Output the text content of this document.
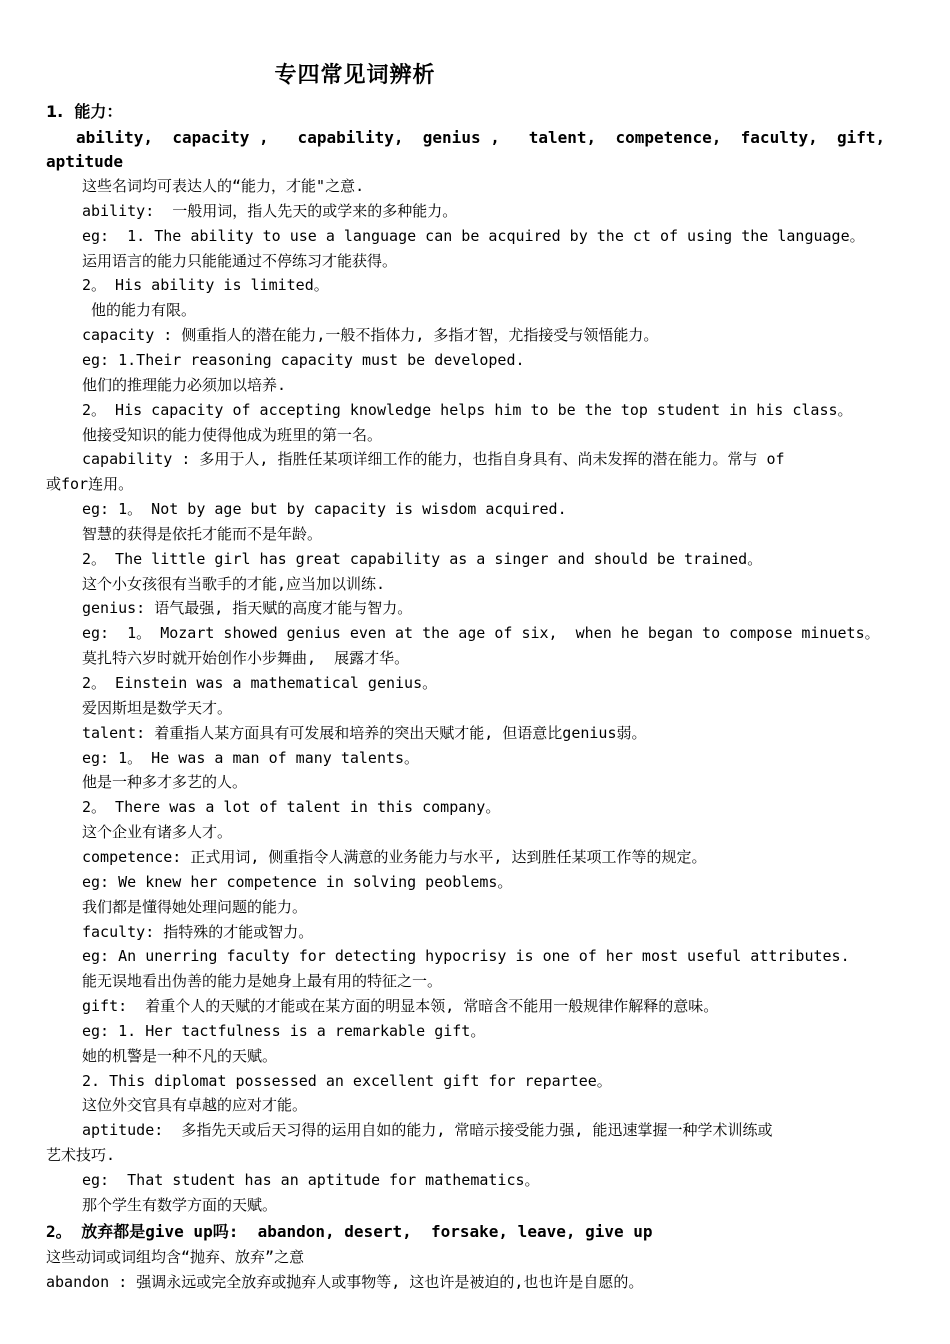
专四常见词辨析
1.  能力：
ability,  capacity ,   capability,  genius ,   talent,  competence,  faculty,  gift,
aptitude
这些名词均可表达人的“能力，才能"之意.
ability:  一般用词，指人先天的或学来的多种能力。
eg:  1. The ability to use a language can be acquired by the ct of using the language。
运用语言的能力只能能通过不停练习才能获得。
2。 His ability is limited。
他的能力有限。
capacity : 侧重指人的潜在能力,一般不指体力, 多指才智，尤指接受与领悟能力。
eg: 1.Their reasoning capacity must be developed.
他们的推理能力必须加以培养.
2。 His capacity of accepting knowledge helps him to be the top student in his class。
他接受知识的能力使得他成为班里的第一名。
capability : 多用于人, 指胜任某项详细工作的能力，也指自身具有、尚未发挥的潜在能力。常与 of
或for连用。
eg: 1。 Not by age but by capacity is wisdom acquired.
智慧的获得是依托才能而不是年龄。
2。 The little girl has great capability as a singer and should be trained。
这个小女孩很有当歌手的才能,应当加以训练.
genius: 语气最强, 指天赋的高度才能与智力。
eg:  1。 Mozart showed genius even at the age of six,  when he began to compose minuets。
莫扎特六岁时就开始创作小步舞曲,  展露才华。
2。 Einstein was a mathematical genius。
爱因斯坦是数学天才。
talent: 着重指人某方面具有可发展和培养的突出天赋才能, 但语意比genius弱。
eg: 1。 He was a man of many talents。
他是一种多才多艺的人。
2。 There was a lot of talent in this company。
这个企业有诸多人才。
competence: 正式用词, 侧重指令人满意的业务能力与水平, 达到胜任某项工作等的规定。
eg: We knew her competence in solving peoblems。
我们都是懂得她处理问题的能力。
faculty: 指特殊的才能或智力。
eg: An unerring faculty for detecting hypocrisy is one of her most useful attributes.
能无误地看出伪善的能力是她身上最有用的特征之一。
gift:  着重个人的天赋的才能或在某方面的明显本领, 常暗含不能用一般规律作解释的意味。
eg: 1. Her tactfulness is a remarkable gift。
她的机警是一种不凡的天赋。
2. This diplomat possessed an excellent gift for repartee。
这位外交官具有卓越的应对才能。
aptitude:  多指先天或后天习得的运用自如的能力, 常暗示接受能力强, 能迅速掌握一种学术训练或
艺术技巧.
eg:  That student has an aptitude for mathematics。
那个学生有数学方面的天赋。
2。 放弃都是give up吗:  abandon, desert,  forsake, leave, give up
这些动词或词组均含“抛弃、放弃”之意
abandon : 强调永远或完全放弃或抛弃人或事物等, 这也许是被迫的,也也许是自愿的。
